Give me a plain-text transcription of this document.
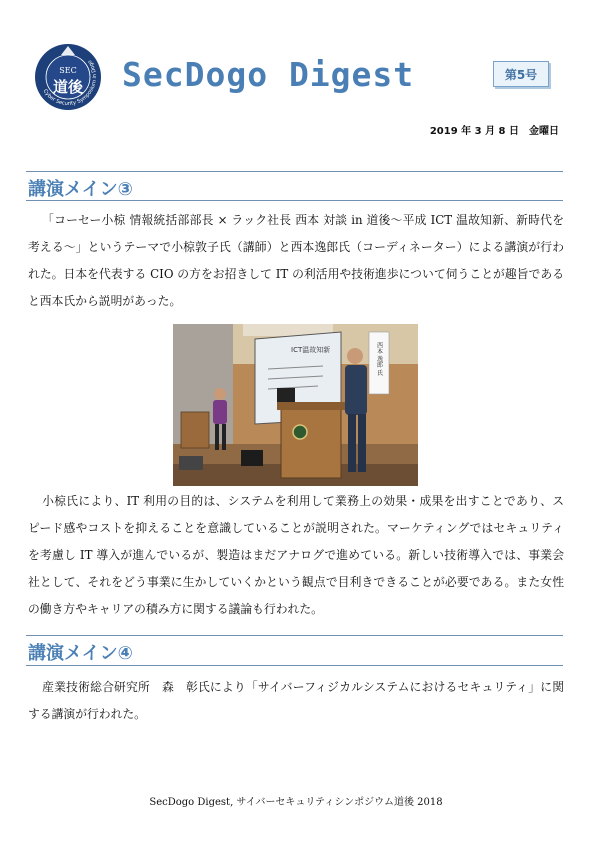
Cyber Security Symposium in Dogo
SEC
道後 SecDogo Digest	第5号
2019 年 3 月 8 日　金曜日
講演メイン③

「コーセー小椋 情報統括部部長 × ラック社長 西本 対談 in 道後～平成 ICT 温故知新、新時代を考える～」というテーマで小椋敦子氏（講師）と西本逸郎氏（コーディネーター）による講演が行われた。日本を代表する CIO の方をお招きして IT の利活用や技術進歩について伺うことが趣旨であると西本氏から説明があった。

ICT温故知新	西本 逸郎 氏

小椋氏により、IT 利用の目的は、システムを利用して業務上の効果・成果を出すことであり、スピード感やコストを抑えることを意識していることが説明された。マーケティングではセキュリティを考慮し IT 導入が進んでいるが、製造はまだアナログで進めている。新しい技術導入では、事業会社として、それをどう事業に生かしていくかという観点で目利きできることが必要である。また女性の働き方やキャリアの積み方に関する議論も行われた。

講演メイン④

産業技術総合研究所　森　彰氏により「サイバーフィジカルシステムにおけるセキュリティ」に関する講演が行われた。

SecDogo Digest, サイバーセキュリティシンポジウム道後 2018
